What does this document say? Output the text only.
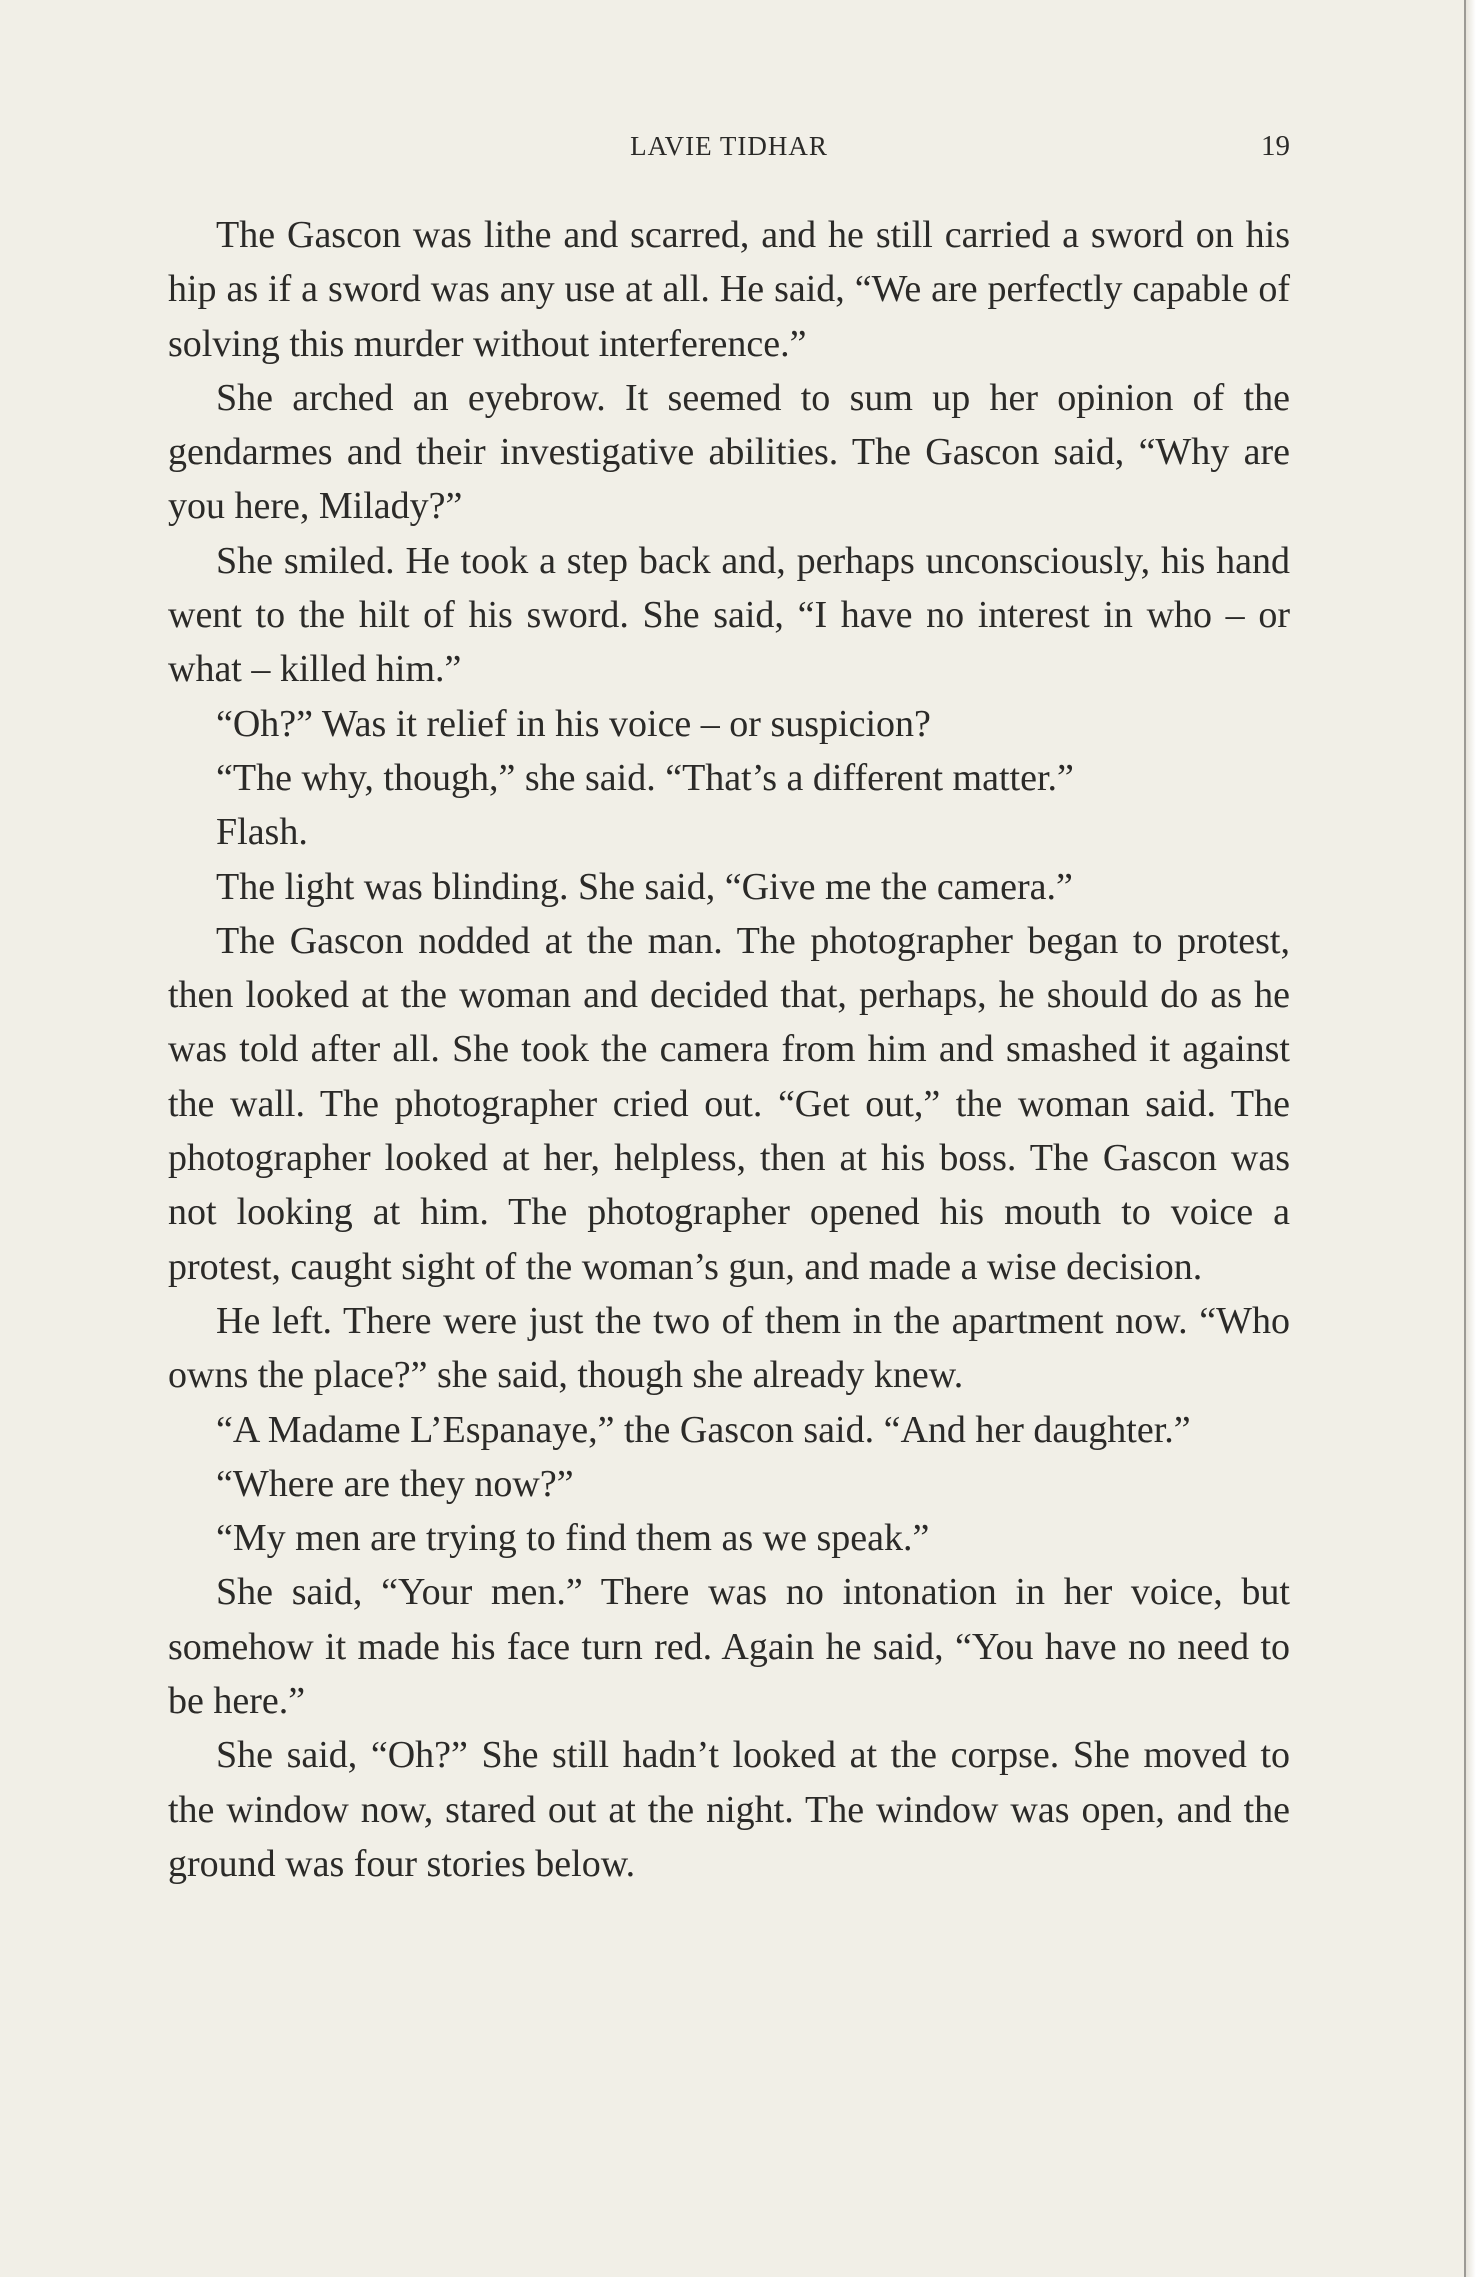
LAVIE TIDHAR	19

The Gascon was lithe and scarred, and he still carried a sword on his hip as if a sword was any use at all. He said, “We are perfectly capable of solving this murder without interference.”

She arched an eyebrow. It seemed to sum up her opinion of the gendarmes and their investigative abilities. The Gascon said, “Why are you here, Milady?”

She smiled. He took a step back and, perhaps unconsciously, his hand went to the hilt of his sword. She said, “I have no interest in who – or what – killed him.”

“Oh?” Was it relief in his voice – or suspicion?

“The why, though,” she said. “That’s a different matter.”

Flash.

The light was blinding. She said, “Give me the camera.”

The Gascon nodded at the man. The photographer began to protest, then looked at the woman and decided that, perhaps, he should do as he was told after all. She took the camera from him and smashed it against the wall. The photographer cried out. “Get out,” the woman said. The photographer looked at her, helpless, then at his boss. The Gascon was not looking at him. The photographer opened his mouth to voice a protest, caught sight of the woman’s gun, and made a wise decision.

He left. There were just the two of them in the apartment now. “Who owns the place?” she said, though she already knew.

“A Madame L’Espanaye,” the Gascon said. “And her daughter.”

“Where are they now?”

“My men are trying to find them as we speak.”

She said, “Your men.” There was no intonation in her voice, but somehow it made his face turn red. Again he said, “You have no need to be here.”

She said, “Oh?” She still hadn’t looked at the corpse. She moved to the window now, stared out at the night. The window was open, and the ground was four stories below.
